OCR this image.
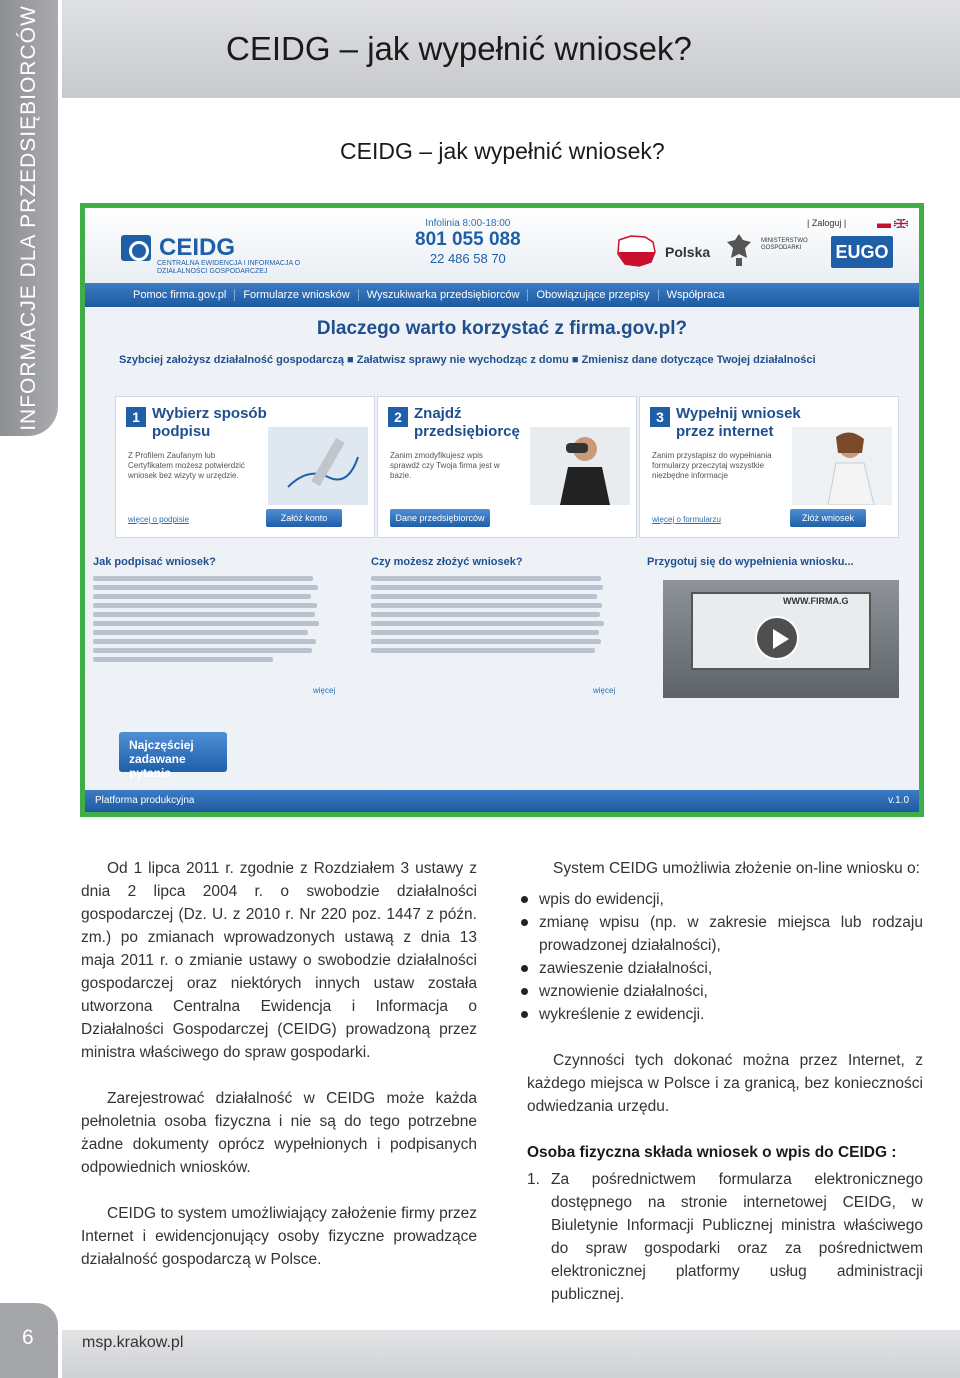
INFORMACJE DLA PRZEDSIĘBIORCÓW	CEIDG – jak wypełnić wniosek?
CEIDG – jak wypełnić wniosek?
CEIDG
CENTRALNA EWIDENCJA I INFORMACJA O DZIAŁALNOŚCI GOSPODARCZEJ
Infolinia 8:00-18:00
801 055 088
22 486 58 70	Polska
MINISTERSTWO GOSPODARKI	EUGO
| Zaloguj |
Pomoc firma.gov.pl	Formularze wniosków	Wyszukiwarka przedsiębiorców	Obowiązujące przepisy	Współpraca
Dlaczego warto korzystać z firma.gov.pl?
Szybciej założysz działalność gospodarczą ■ Załatwisz sprawy nie wychodząc z domu ■ Zmienisz dane dotyczące Twojej działalności
1 Wybierz sposób podpisu
Z Profilem Zaufanym lub Certyfikatem możesz potwierdzić wniosek bez wizyty w urzędzie.
więcej o podpisie	Załóż konto
2 Znajdź przedsiębiorcę
Zanim zmodyfikujesz wpis sprawdź czy Twoja firma jest w bazie.
Dane przedsiębiorców
3 Wypełnij wniosek przez internet
Zanim przystąpisz do wypełniania formularzy przeczytaj wszystkie niezbędne informacje
więcej o formularzu	Złóż wniosek
Jak podpisać wniosek?
więcej
Czy możesz złożyć wniosek?
więcej
Przygotuj się do wypełnienia wniosku...
WWW.FIRMA.G
Najczęściej zadawane pytania
Platforma produkcyjna	v.1.0

Od 1 lipca 2011 r. zgodnie z Rozdziałem 3 ustawy z dnia 2 lipca 2004 r. o swobodzie działalności gospodarczej (Dz. U. z 2010 r. Nr 220 poz. 1447 z późn. zm.) po zmianach wprowadzonych ustawą z dnia 13 maja 2011 r. o zmianie ustawy o swobodzie działalności gospodarczej oraz niektórych innych ustaw została utworzona Centralna Ewidencja i Informacja o Działalności Gospodarczej (CEIDG) prowadzoną przez ministra właściwego do spraw gospodarki.

Zarejestrować działalność w CEIDG może każda pełnoletnia osoba fizyczna i nie są do tego potrzebne żadne dokumenty oprócz wypełnionych i podpisanych odpowiednich wniosków.

CEIDG to system umożliwiający założenie firmy przez Internet i ewidencjonujący osoby fizyczne prowadzące działalność gospodarczą w Polsce.

System CEIDG umożliwia złożenie on-line wniosku o:

wpis do ewidencji,
zmianę wpisu (np. w zakresie miejsca lub rodzaju prowadzonej działalności),
zawieszenie działalności,
wznowienie działalności,
wykreślenie z ewidencji.

Czynności tych dokonać można przez Internet, z każdego miejsca w Polsce i za granicą, bez konieczności odwiedzania urzędu.

Osoba fizyczna składa wniosek o wpis do CEIDG :
1. Za pośrednictwem formularza elektronicznego dostępnego na stronie internetowej CEIDG, w Biuletynie Informacji Publicznej ministra właściwego do spraw gospodarki oraz za pośrednictwem elektronicznej platformy usług administracji publicznej.
msp.krakow.pl
6
